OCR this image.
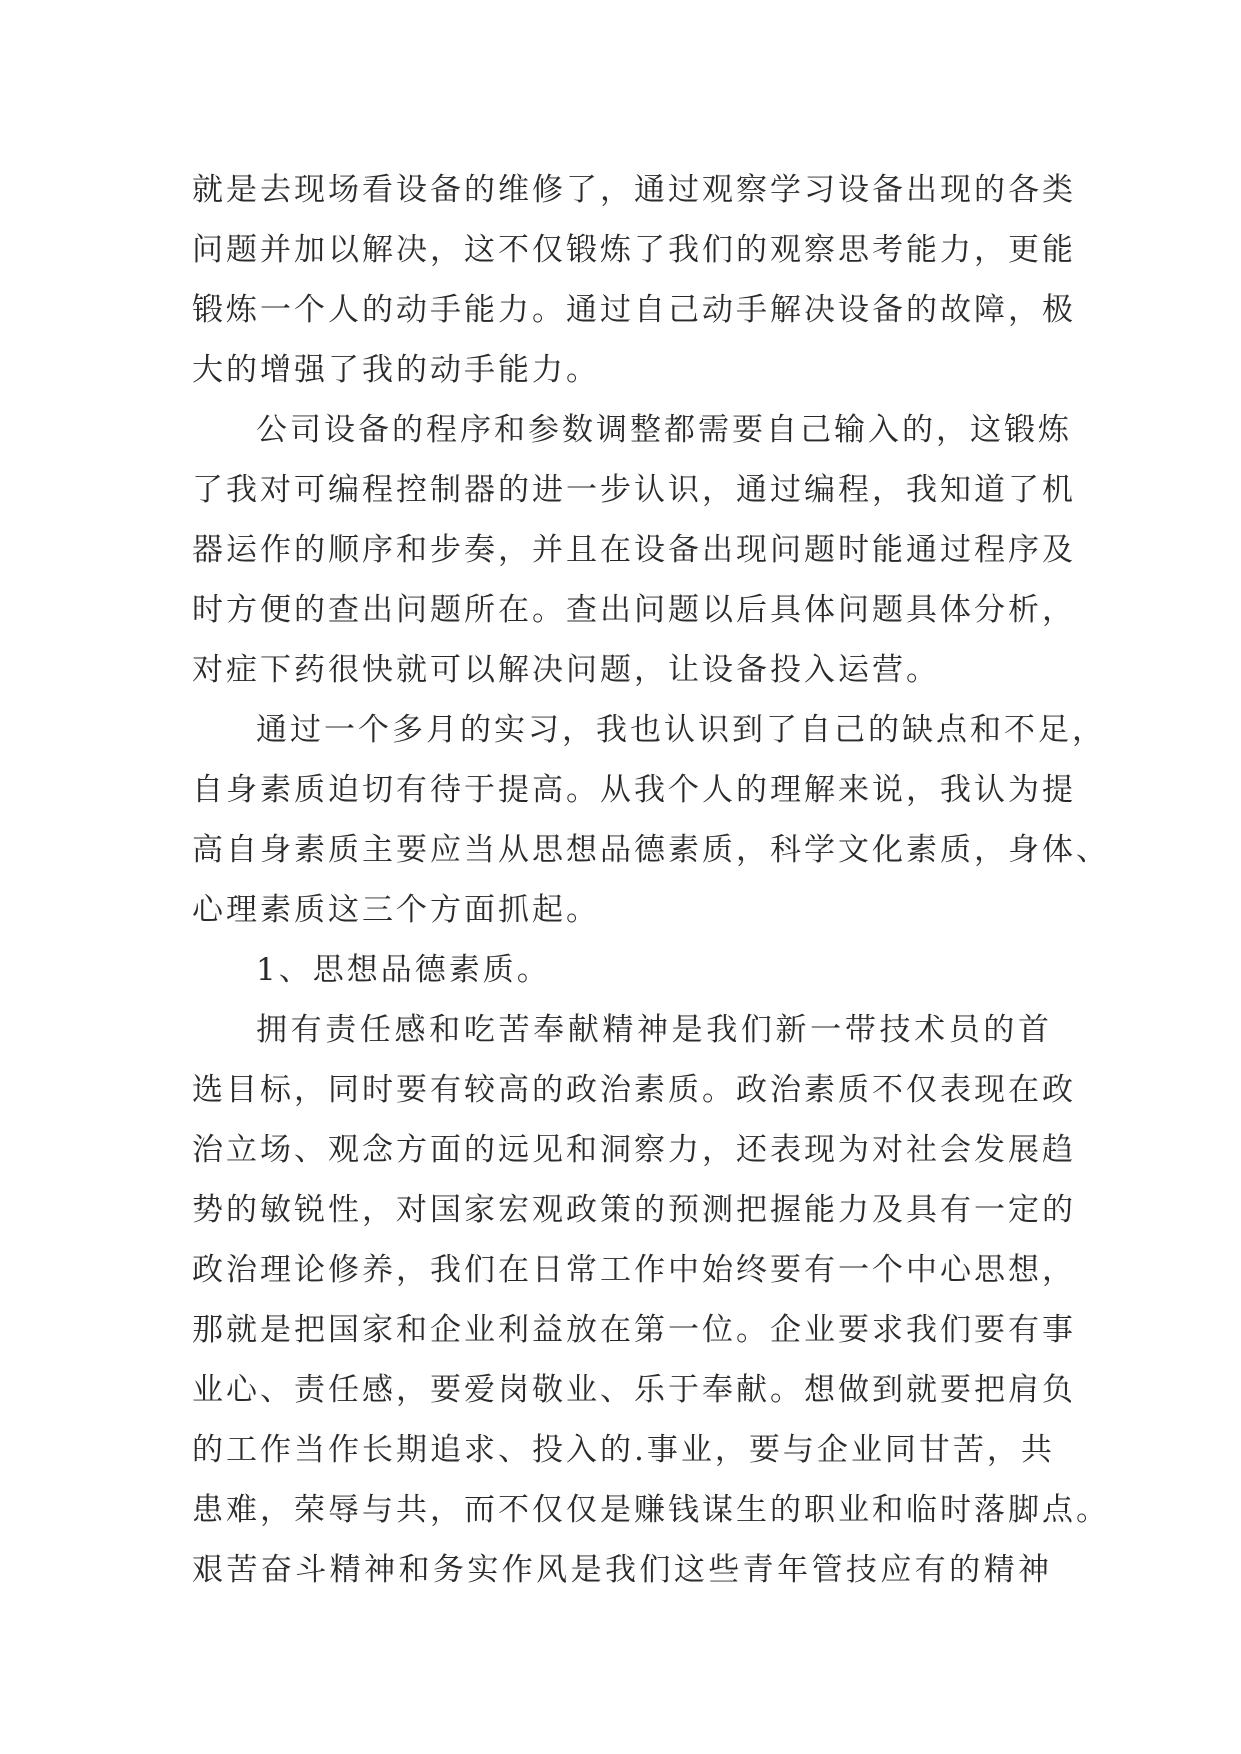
就是去现场看设备的维修了，通过观察学习设备出现的各类
问题并加以解决，这不仅锻炼了我们的观察思考能力，更能
锻炼一个人的动手能力。通过自己动手解决设备的故障，极
大的增强了我的动手能力。
公司设备的程序和参数调整都需要自己输入的，这锻炼
了我对可编程控制器的进一步认识，通过编程，我知道了机
器运作的顺序和步奏，并且在设备出现问题时能通过程序及
时方便的查出问题所在。查出问题以后具体问题具体分析，
对症下药很快就可以解决问题，让设备投入运营。
通过一个多月的实习，我也认识到了自己的缺点和不足，
自身素质迫切有待于提高。从我个人的理解来说，我认为提
高自身素质主要应当从思想品德素质，科学文化素质，身体、
心理素质这三个方面抓起。
1、思想品德素质。
拥有责任感和吃苦奉献精神是我们新一带技术员的首
选目标，同时要有较高的政治素质。政治素质不仅表现在政
治立场、观念方面的远见和洞察力，还表现为对社会发展趋
势的敏锐性，对国家宏观政策的预测把握能力及具有一定的
政治理论修养，我们在日常工作中始终要有一个中心思想，
那就是把国家和企业利益放在第一位。企业要求我们要有事
业心、责任感，要爱岗敬业、乐于奉献。想做到就要把肩负
的工作当作长期追求、投入的.事业，要与企业同甘苦，共
患难，荣辱与共，而不仅仅是赚钱谋生的职业和临时落脚点。
艰苦奋斗精神和务实作风是我们这些青年管技应有的精神
